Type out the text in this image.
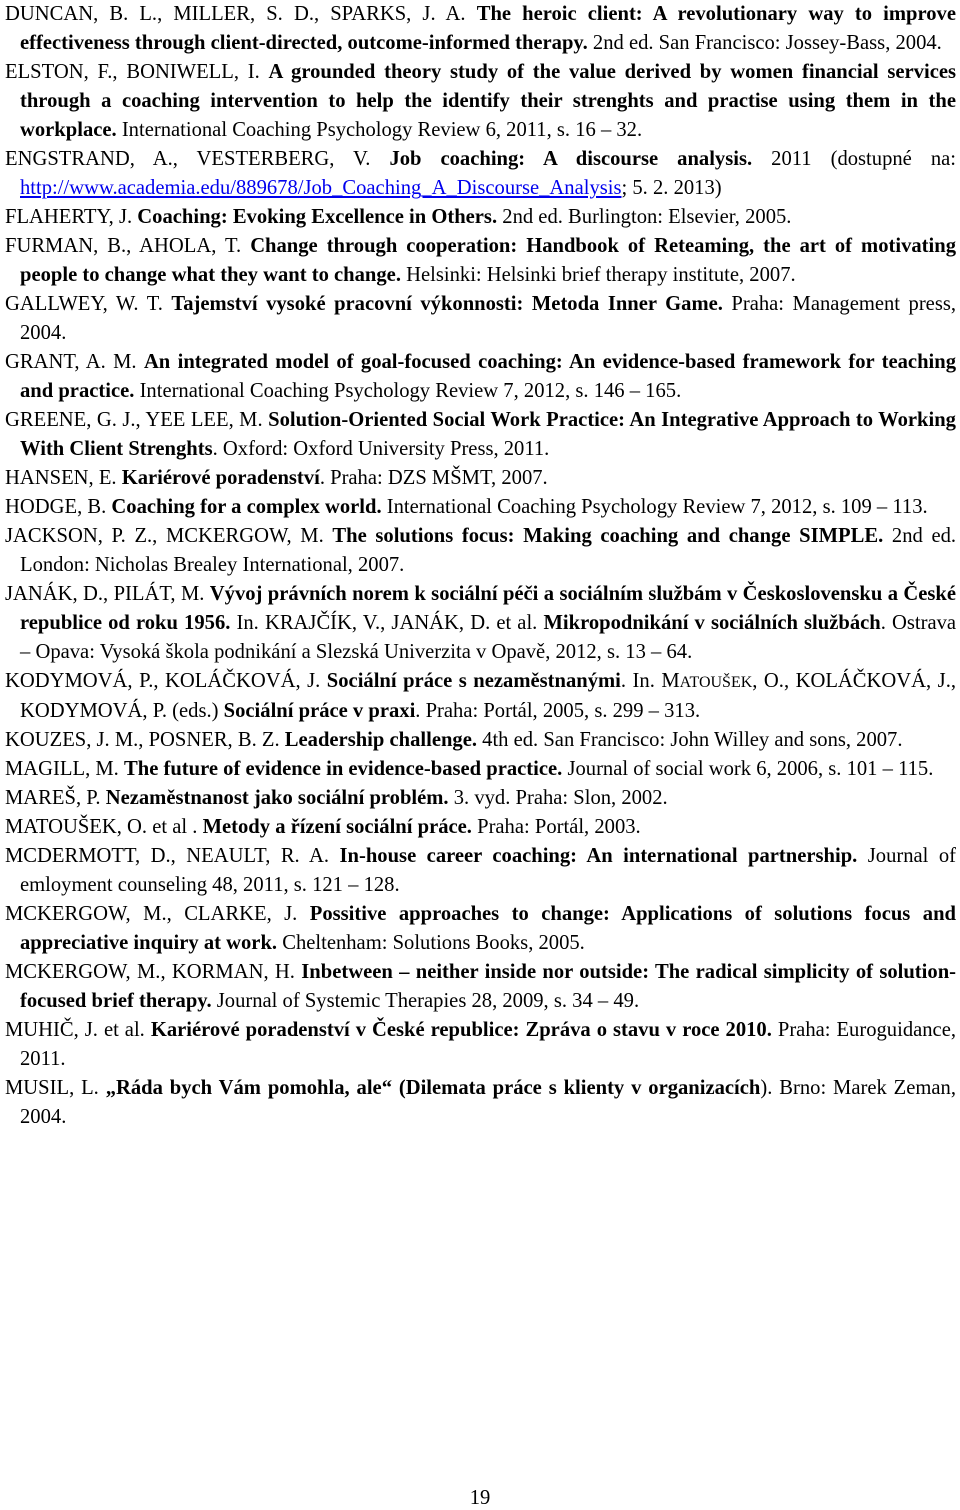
DUNCAN, B. L., MILLER, S. D., SPARKS, J. A. The heroic client: A revolutionary way to improve effectiveness through client-directed, outcome-informed therapy. 2nd ed. San Francisco: Jossey-Bass, 2004.

ELSTON, F., BONIWELL, I. A grounded theory study of the value derived by women financial services through a coaching intervention to help the identify their strenghts and practise using them in the workplace. International Coaching Psychology Review 6, 2011, s. 16 – 32.

ENGSTRAND, A., VESTERBERG, V. Job coaching: A discourse analysis. 2011 (dostupné na: http://www.academia.edu/889678/Job_Coaching_A_Discourse_Analysis; 5. 2. 2013)

FLAHERTY, J. Coaching: Evoking Excellence in Others. 2nd ed. Burlington: Elsevier, 2005.

FURMAN, B., AHOLA, T. Change through cooperation: Handbook of Reteaming, the art of motivating people to change what they want to change. Helsinki: Helsinki brief therapy institute, 2007.

GALLWEY, W. T. Tajemství vysoké pracovní výkonnosti: Metoda Inner Game. Praha: Management press, 2004.

GRANT, A. M. An integrated model of goal-focused coaching: An evidence-based framework for teaching and practice. International Coaching Psychology Review 7, 2012, s. 146 – 165.

GREENE, G. J., YEE LEE, M. Solution-Oriented Social Work Practice: An Integrative Approach to Working With Client Strenghts. Oxford: Oxford University Press, 2011.

HANSEN, E. Kariérové poradenství. Praha: DZS MŠMT, 2007.

HODGE, B. Coaching for a complex world. International Coaching Psychology Review 7, 2012, s. 109 – 113.

JACKSON, P. Z., MCKERGOW, M. The solutions focus: Making coaching and change SIMPLE. 2nd ed. London: Nicholas Brealey International, 2007.

JANÁK, D., PILÁT, M. Vývoj právních norem k sociální péči a sociálním službám v Československu a České republice od roku 1956. In. KRAJČÍK, V., JANÁK, D. et al. Mikropodnikání v sociálních službách. Ostrava – Opava: Vysoká škola podnikání a Slezská Univerzita v Opavě, 2012, s. 13 – 64.

KODYMOVÁ, P., KOLÁČKOVÁ, J. Sociální práce s nezaměstnanými. In. MATOUŠEK, O., KOLÁČKOVÁ, J., KODYMOVÁ, P. (eds.) Sociální práce v praxi. Praha: Portál, 2005, s. 299 – 313.

KOUZES, J. M., POSNER, B. Z. Leadership challenge. 4th ed. San Francisco: John Willey and sons, 2007.

MAGILL, M. The future of evidence in evidence-based practice. Journal of social work 6, 2006, s. 101 – 115.

MAREŠ, P. Nezaměstnanost jako sociální problém. 3. vyd. Praha: Slon, 2002.

MATOUŠEK, O. et al . Metody a řízení sociální práce. Praha: Portál, 2003.

MCDERMOTT, D., NEAULT, R. A. In-house career coaching: An international partnership. Journal of emloyment counseling 48, 2011, s. 121 – 128.

MCKERGOW, M., CLARKE, J. Possitive approaches to change: Applications of solutions focus and appreciative inquiry at work. Cheltenham: Solutions Books, 2005.

MCKERGOW, M., KORMAN, H. Inbetween – neither inside nor outside: The radical simplicity of solution-focused brief therapy. Journal of Systemic Therapies 28, 2009, s. 34 – 49.

MUHIČ, J. et al. Kariérové poradenství v České republice: Zpráva o stavu v roce 2010. Praha: Euroguidance, 2011.

MUSIL, L. „Ráda bych Vám pomohla, ale“ (Dilemata práce s klienty v organizacích). Brno: Marek Zeman, 2004.

19
